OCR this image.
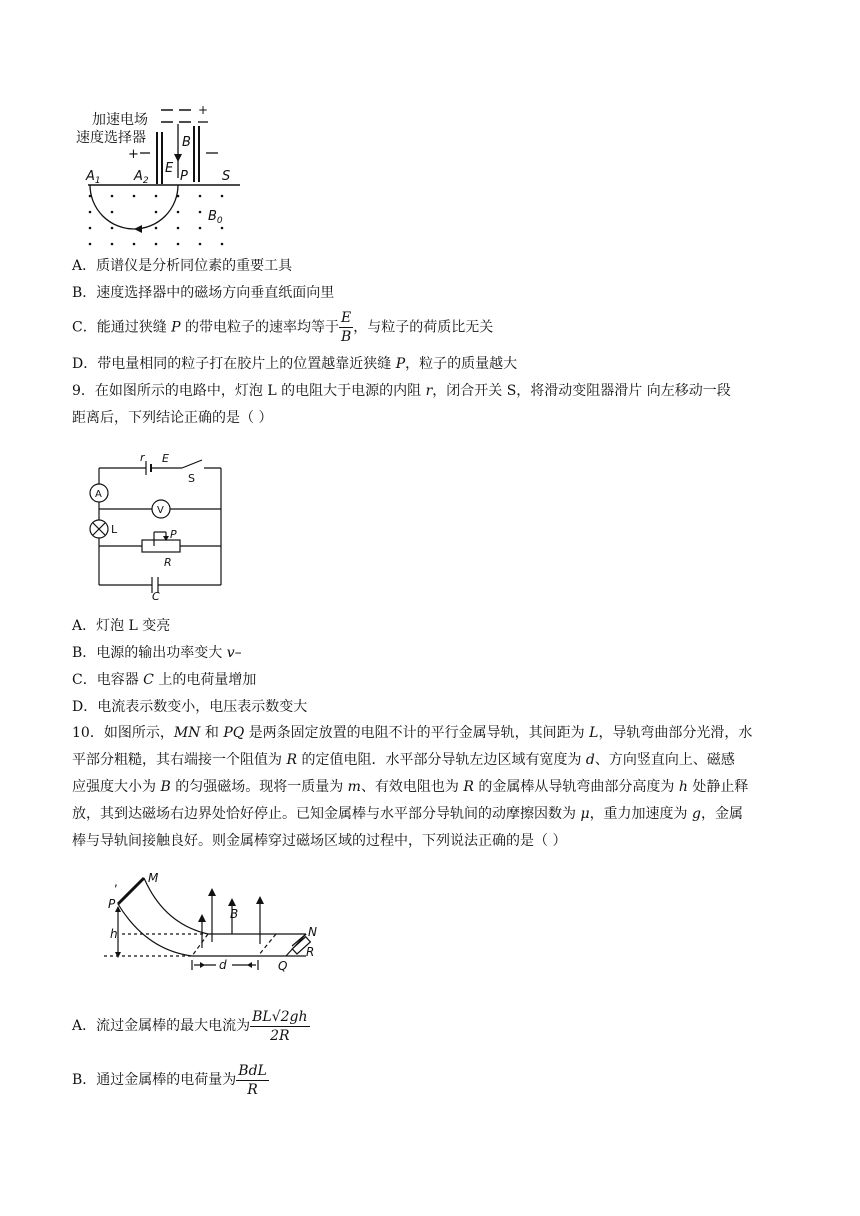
加速电场
速度选择器
+
+
E
B
P	S
$A_1$	$A_2$
$B_0$
A．质谱仪是分析同位素的重要工具
B．速度选择器中的磁场方向垂直纸面向里
C．能通过狭缝 P 的带电粒子的速率均等于 $\frac{E}{B}$ ，与粒子的荷质比无关
D．带电量相同的粒子打在胶片上的位置越靠近狭缝 P，粒子的质量越大
9．在如图所示的电路中，灯泡 L 的电阻大于电源的内阻 r，闭合开关 S，将滑动变阻器滑片 向左移动一段
距离后，下列结论正确的是（ ）
r E
S
A
V
L	P
R
C
A．灯泡 L 变亮
B．电源的输出功率变大 v–
C．电容器 C 上的电荷量增加
D．电流表示数变小，电压表示数变大
10．如图所示，MN 和 PQ 是两条固定放置的电阻不计的平行金属导轨，其间距为 L，导轨弯曲部分光滑，水
平部分粗糙，其右端接一个阻值为 R 的定值电阻．水平部分导轨左边区域有宽度为 d、方向竖直向上、磁感
应强度大小为 B 的匀强磁场。现将一质量为 m、有效电阻也为 R 的金属棒从导轨弯曲部分高度为 h 处静止释
放，其到达磁场右边界处恰好停止。已知金属棒与水平部分导轨间的动摩擦因数为 μ，重力加速度为 g，金属
棒与导轨间接触良好。则金属棒穿过磁场区域的过程中，下列说法正确的是（ ）
,	M
P
B
N
h
d	Q
R
A．流过金属棒的最大电流为 $\frac{BL√2gh}{2R}$
B．通过金属棒的电荷量为 $\frac{\text{BdL}}{R}$
